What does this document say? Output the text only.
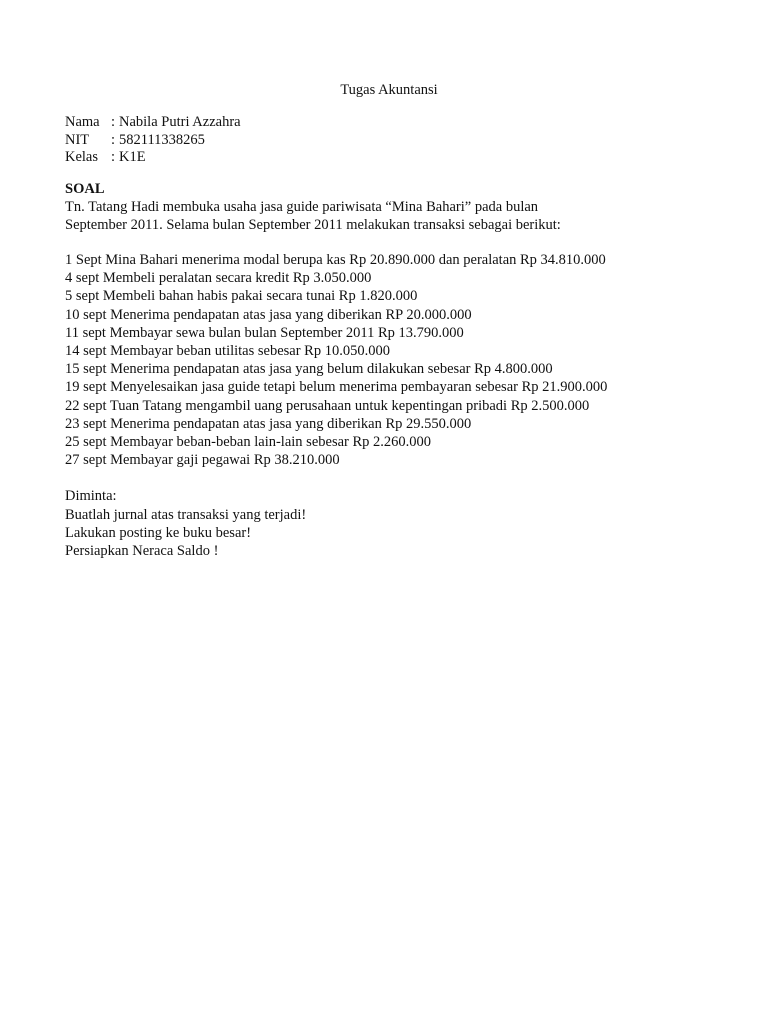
Tugas Akuntansi
Nama : Nabila Putri Azzahra
NIT	: 582111338265
Kelas : K1E
SOAL
Tn. Tatang Hadi membuka usaha jasa guide pariwisata “Mina Bahari” pada bulan
September 2011. Selama bulan September 2011 melakukan transaksi sebagai berikut:
1 Sept Mina Bahari menerima modal berupa kas Rp 20.890.000 dan peralatan Rp 34.810.000
4 sept Membeli peralatan secara kredit Rp 3.050.000
5 sept Membeli bahan habis pakai secara tunai Rp 1.820.000
10 sept Menerima pendapatan atas jasa yang diberikan RP 20.000.000
11 sept Membayar sewa bulan bulan September 2011 Rp 13.790.000
14 sept Membayar beban utilitas sebesar Rp 10.050.000
15 sept Menerima pendapatan atas jasa yang belum dilakukan sebesar Rp 4.800.000
19 sept Menyelesaikan jasa guide tetapi belum menerima pembayaran sebesar Rp 21.900.000
22 sept Tuan Tatang mengambil uang perusahaan untuk kepentingan pribadi Rp 2.500.000
23 sept Menerima pendapatan atas jasa yang diberikan Rp 29.550.000
25 sept Membayar beban-beban lain-lain sebesar Rp 2.260.000
27 sept Membayar gaji pegawai Rp 38.210.000
Diminta:
Buatlah jurnal atas transaksi yang terjadi!
Lakukan posting ke buku besar!
Persiapkan Neraca Saldo !
